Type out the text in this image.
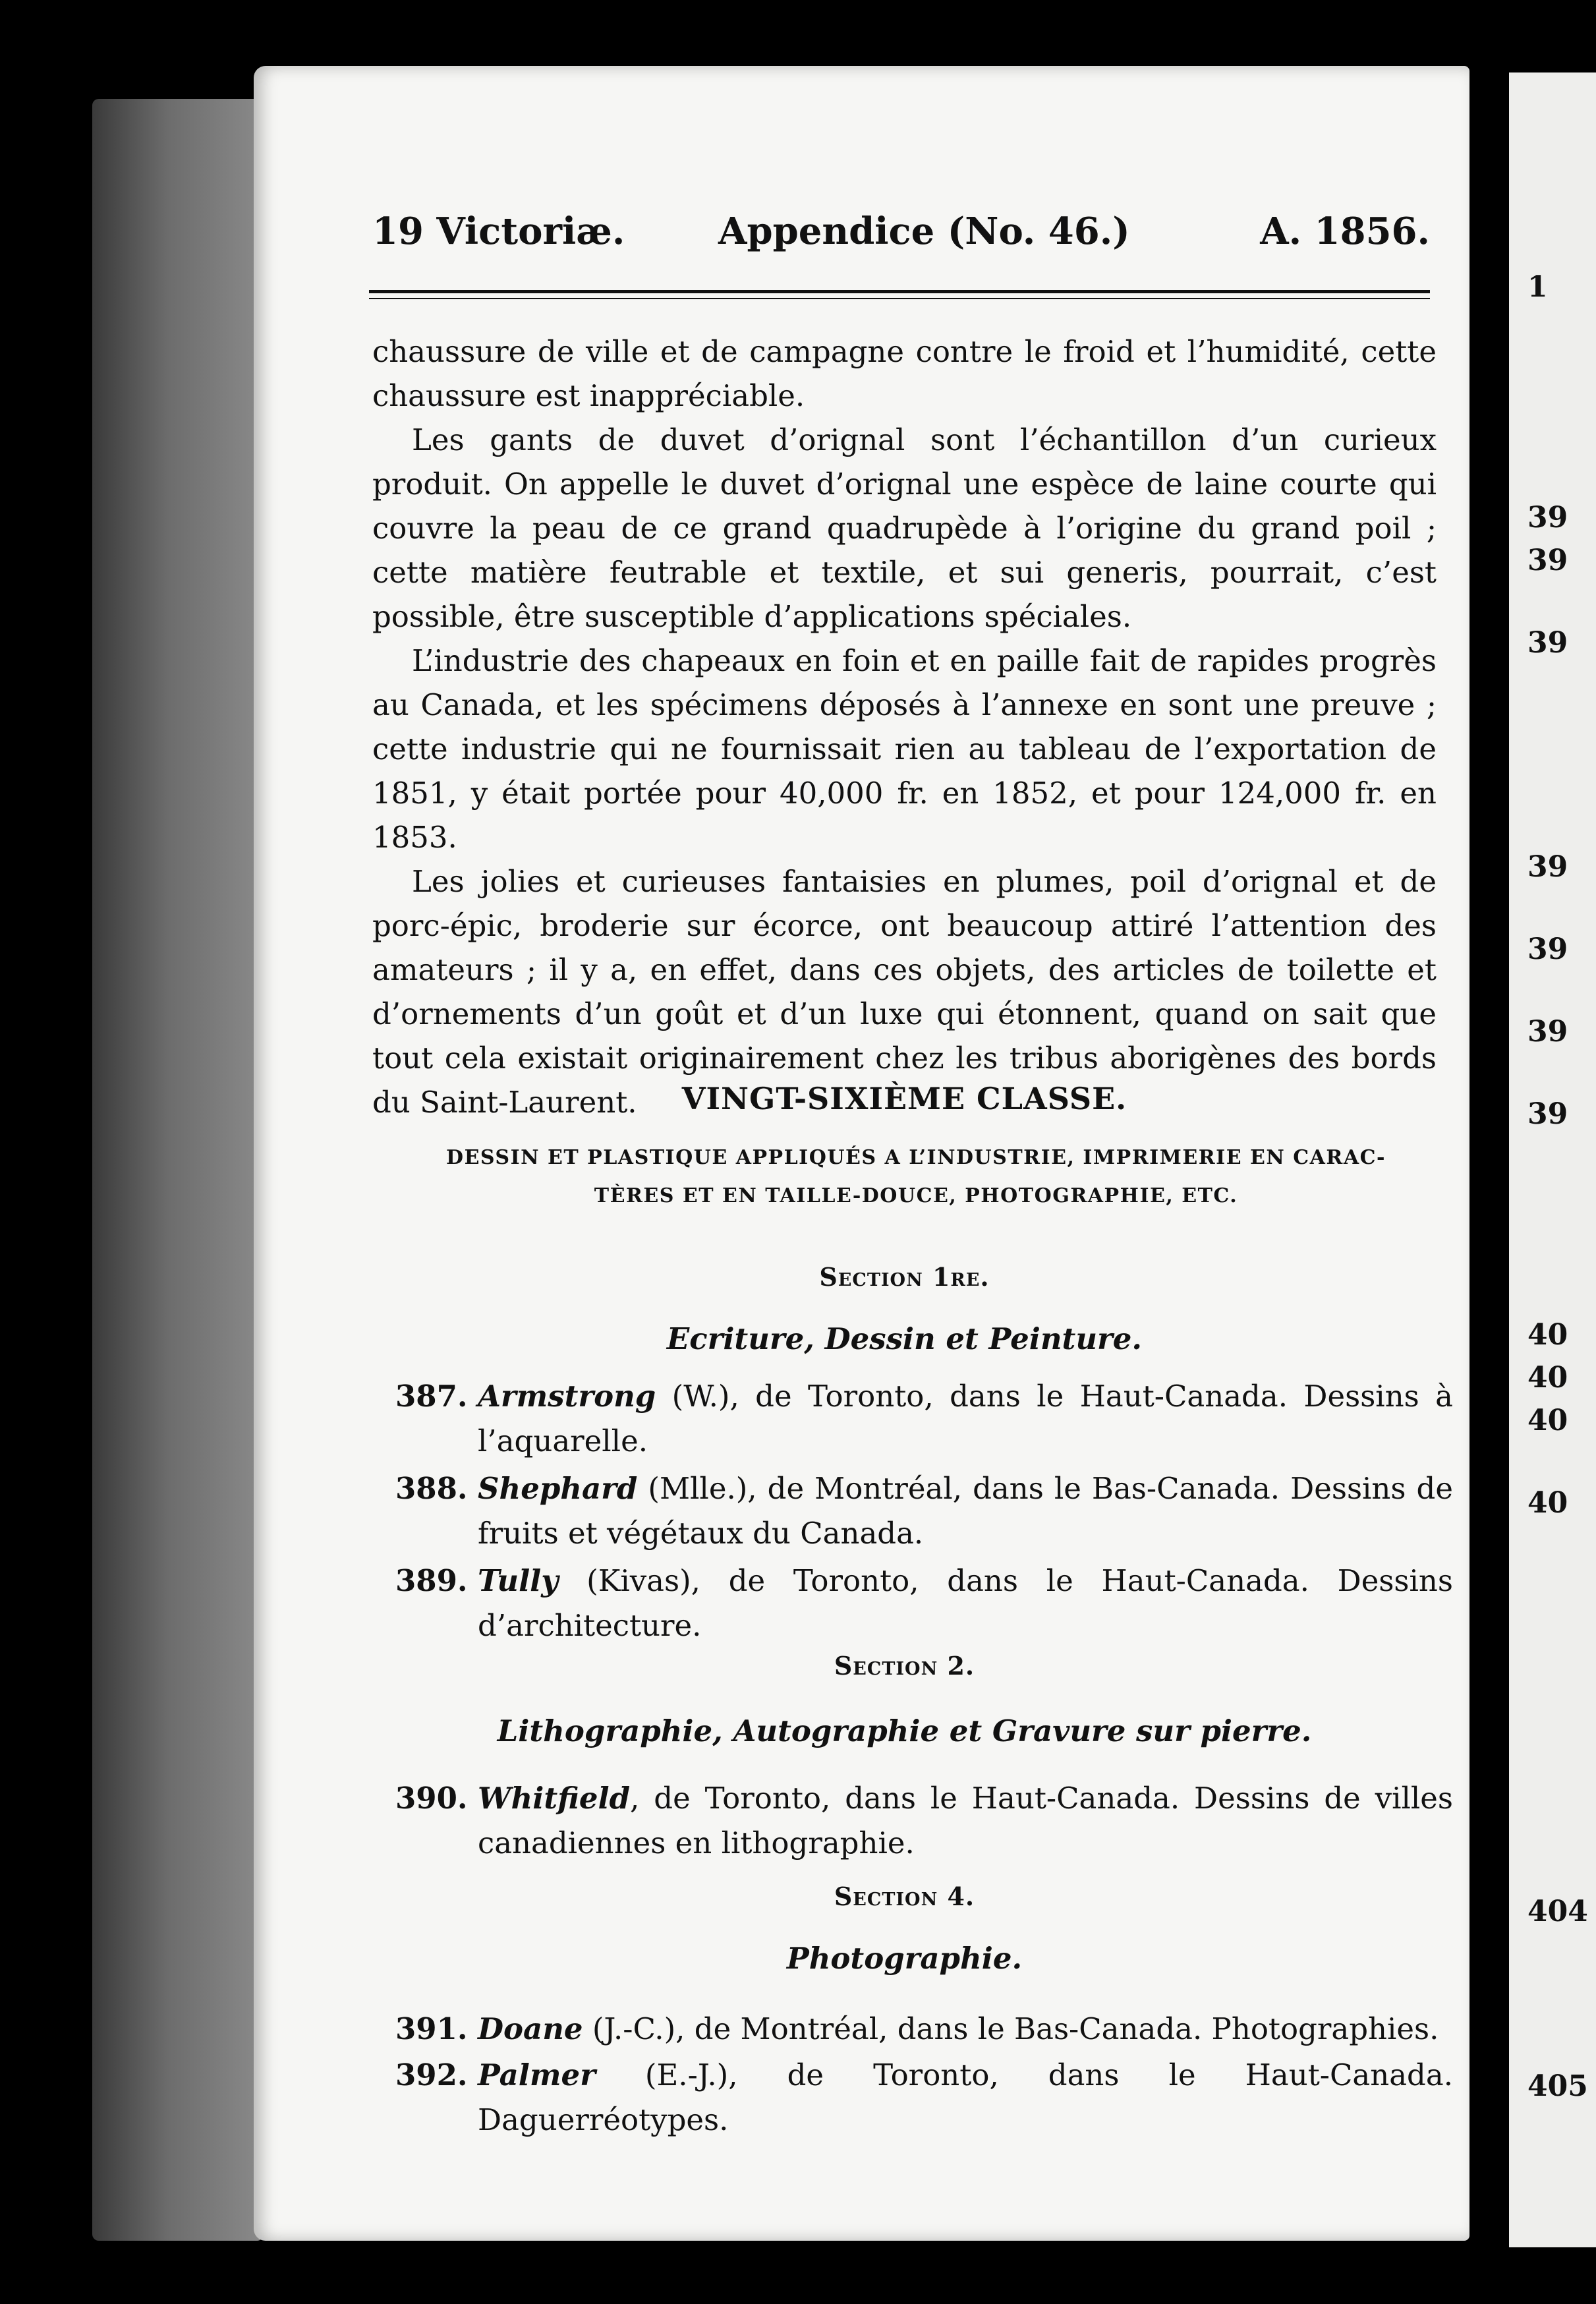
1
39
39
39
39
39
39
39
40
40
40
40
404
405
19 Victoriæ.	Appendice (No. 46.)	A. 1856.

chaussure de ville et de campagne contre le froid et l’humidité, cette chaussure est inappréciable.

Les gants de duvet d’orignal sont l’échantillon d’un curieux produit. On appelle le duvet d’orignal une espèce de laine courte qui couvre la peau de ce grand quadrupède à l’origine du grand poil ; cette matière feutrable et textile, et sui generis, pourrait, c’est possible, être susceptible d’applications spéciales.

L’industrie des chapeaux en foin et en paille fait de rapides progrès au Canada, et les spécimens déposés à l’annexe en sont une preuve ; cette industrie qui ne fournissait rien au tableau de l’exportation de 1851, y était portée pour 40,000 fr. en 1852, et pour 124,000 fr. en 1853.

Les jolies et curieuses fantaisies en plumes, poil d’orignal et de porc-épic, broderie sur écorce, ont beaucoup attiré l’attention des amateurs ; il y a, en effet, dans ces objets, des articles de toilette et d’ornements d’un goût et d’un luxe qui étonnent, quand on sait que tout cela existait originairement chez les tribus aborigènes des bords du Saint-Laurent.	VINGT-SIXIÈME CLASSE.
DESSIN ET PLASTIQUE APPLIQUÉS A L’INDUSTRIE, IMPRIMERIE EN CARAC-
TÈRES ET EN TAILLE-DOUCE, PHOTOGRAPHIE, ETC.
Section 1re.
Ecriture, Dessin et Peinture.
387. Armstrong (W.), de Toronto, dans le Haut-Canada. Dessins à l’aquarelle.
388. Shephard (Mlle.), de Montréal, dans le Bas-Canada. Dessins de fruits et végétaux du Canada.
389. Tully (Kivas), de Toronto, dans le Haut-Canada. Dessins d’architecture.
Section 2.
Lithographie, Autographie et Gravure sur pierre.
390. Whitfield, de Toronto, dans le Haut-Canada. Dessins de villes canadiennes en lithographie.
Section 4.
Photographie.
391. Doane (J.-C.), de Montréal, dans le Bas-Canada. Photographies.
392. Palmer (E.-J.), de Toronto, dans le Haut-Canada. Daguerréotypes.
